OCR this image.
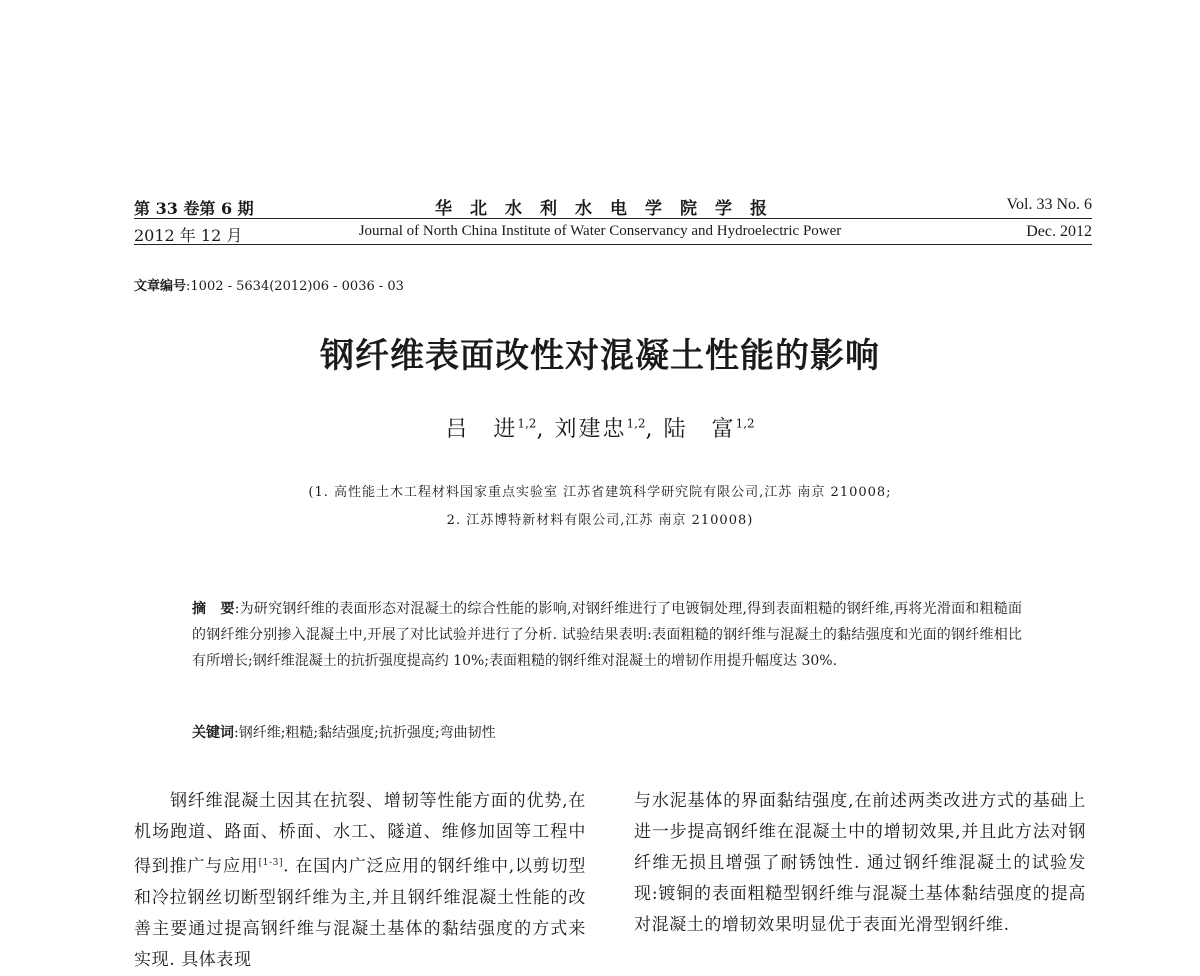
第 33 卷第 6 期
2012 年 12 月
华北水利水电学院学报
Journal of North China Institute of Water Conservancy and Hydroelectric Power
Vol. 33 No. 6
Dec. 2012
文章编号:1002 - 5634(2012)06 - 0036 - 03
钢纤维表面改性对混凝土性能的影响
吕　进$^{1,2}$, 刘建忠$^{1,2}$, 陆　富$^{1,2}$
(1. 高性能土木工程材料国家重点实验室 江苏省建筑科学研究院有限公司,江苏 南京 210008;
2. 江苏博特新材料有限公司,江苏 南京 210008)
摘　要:为研究钢纤维的表面形态对混凝土的综合性能的影响,对钢纤维进行了电镀铜处理,得到表面粗糙的钢纤维,再将光滑面和粗糙面的钢纤维分别掺入混凝土中,开展了对比试验并进行了分析. 试验结果表明:表面粗糙的钢纤维与混凝土的黏结强度和光面的钢纤维相比有所增长;钢纤维混凝土的抗折强度提高约 10%;表面粗糙的钢纤维对混凝土的增韧作用提升幅度达 30%.
关键词:钢纤维;粗糙;黏结强度;抗折强度;弯曲韧性
钢纤维混凝土因其在抗裂、增韧等性能方面的优势,在机场跑道、路面、桥面、水工、隧道、维修加固等工程中得到推广与应用[1-3]. 在国内广泛应用的钢纤维中,以剪切型和冷拉钢丝切断型钢纤维为主,并且钢纤维混凝土性能的改善主要通过提高钢纤维与混凝土基体的黏结强度的方式来实现. 具体表现
与水泥基体的界面黏结强度,在前述两类改进方式的基础上进一步提高钢纤维在混凝土中的增韧效果,并且此方法对钢纤维无损且增强了耐锈蚀性. 通过钢纤维混凝土的试验发现:镀铜的表面粗糙型钢纤维与混凝土基体黏结强度的提高对混凝土的增韧效果明显优于表面光滑型钢纤维.
